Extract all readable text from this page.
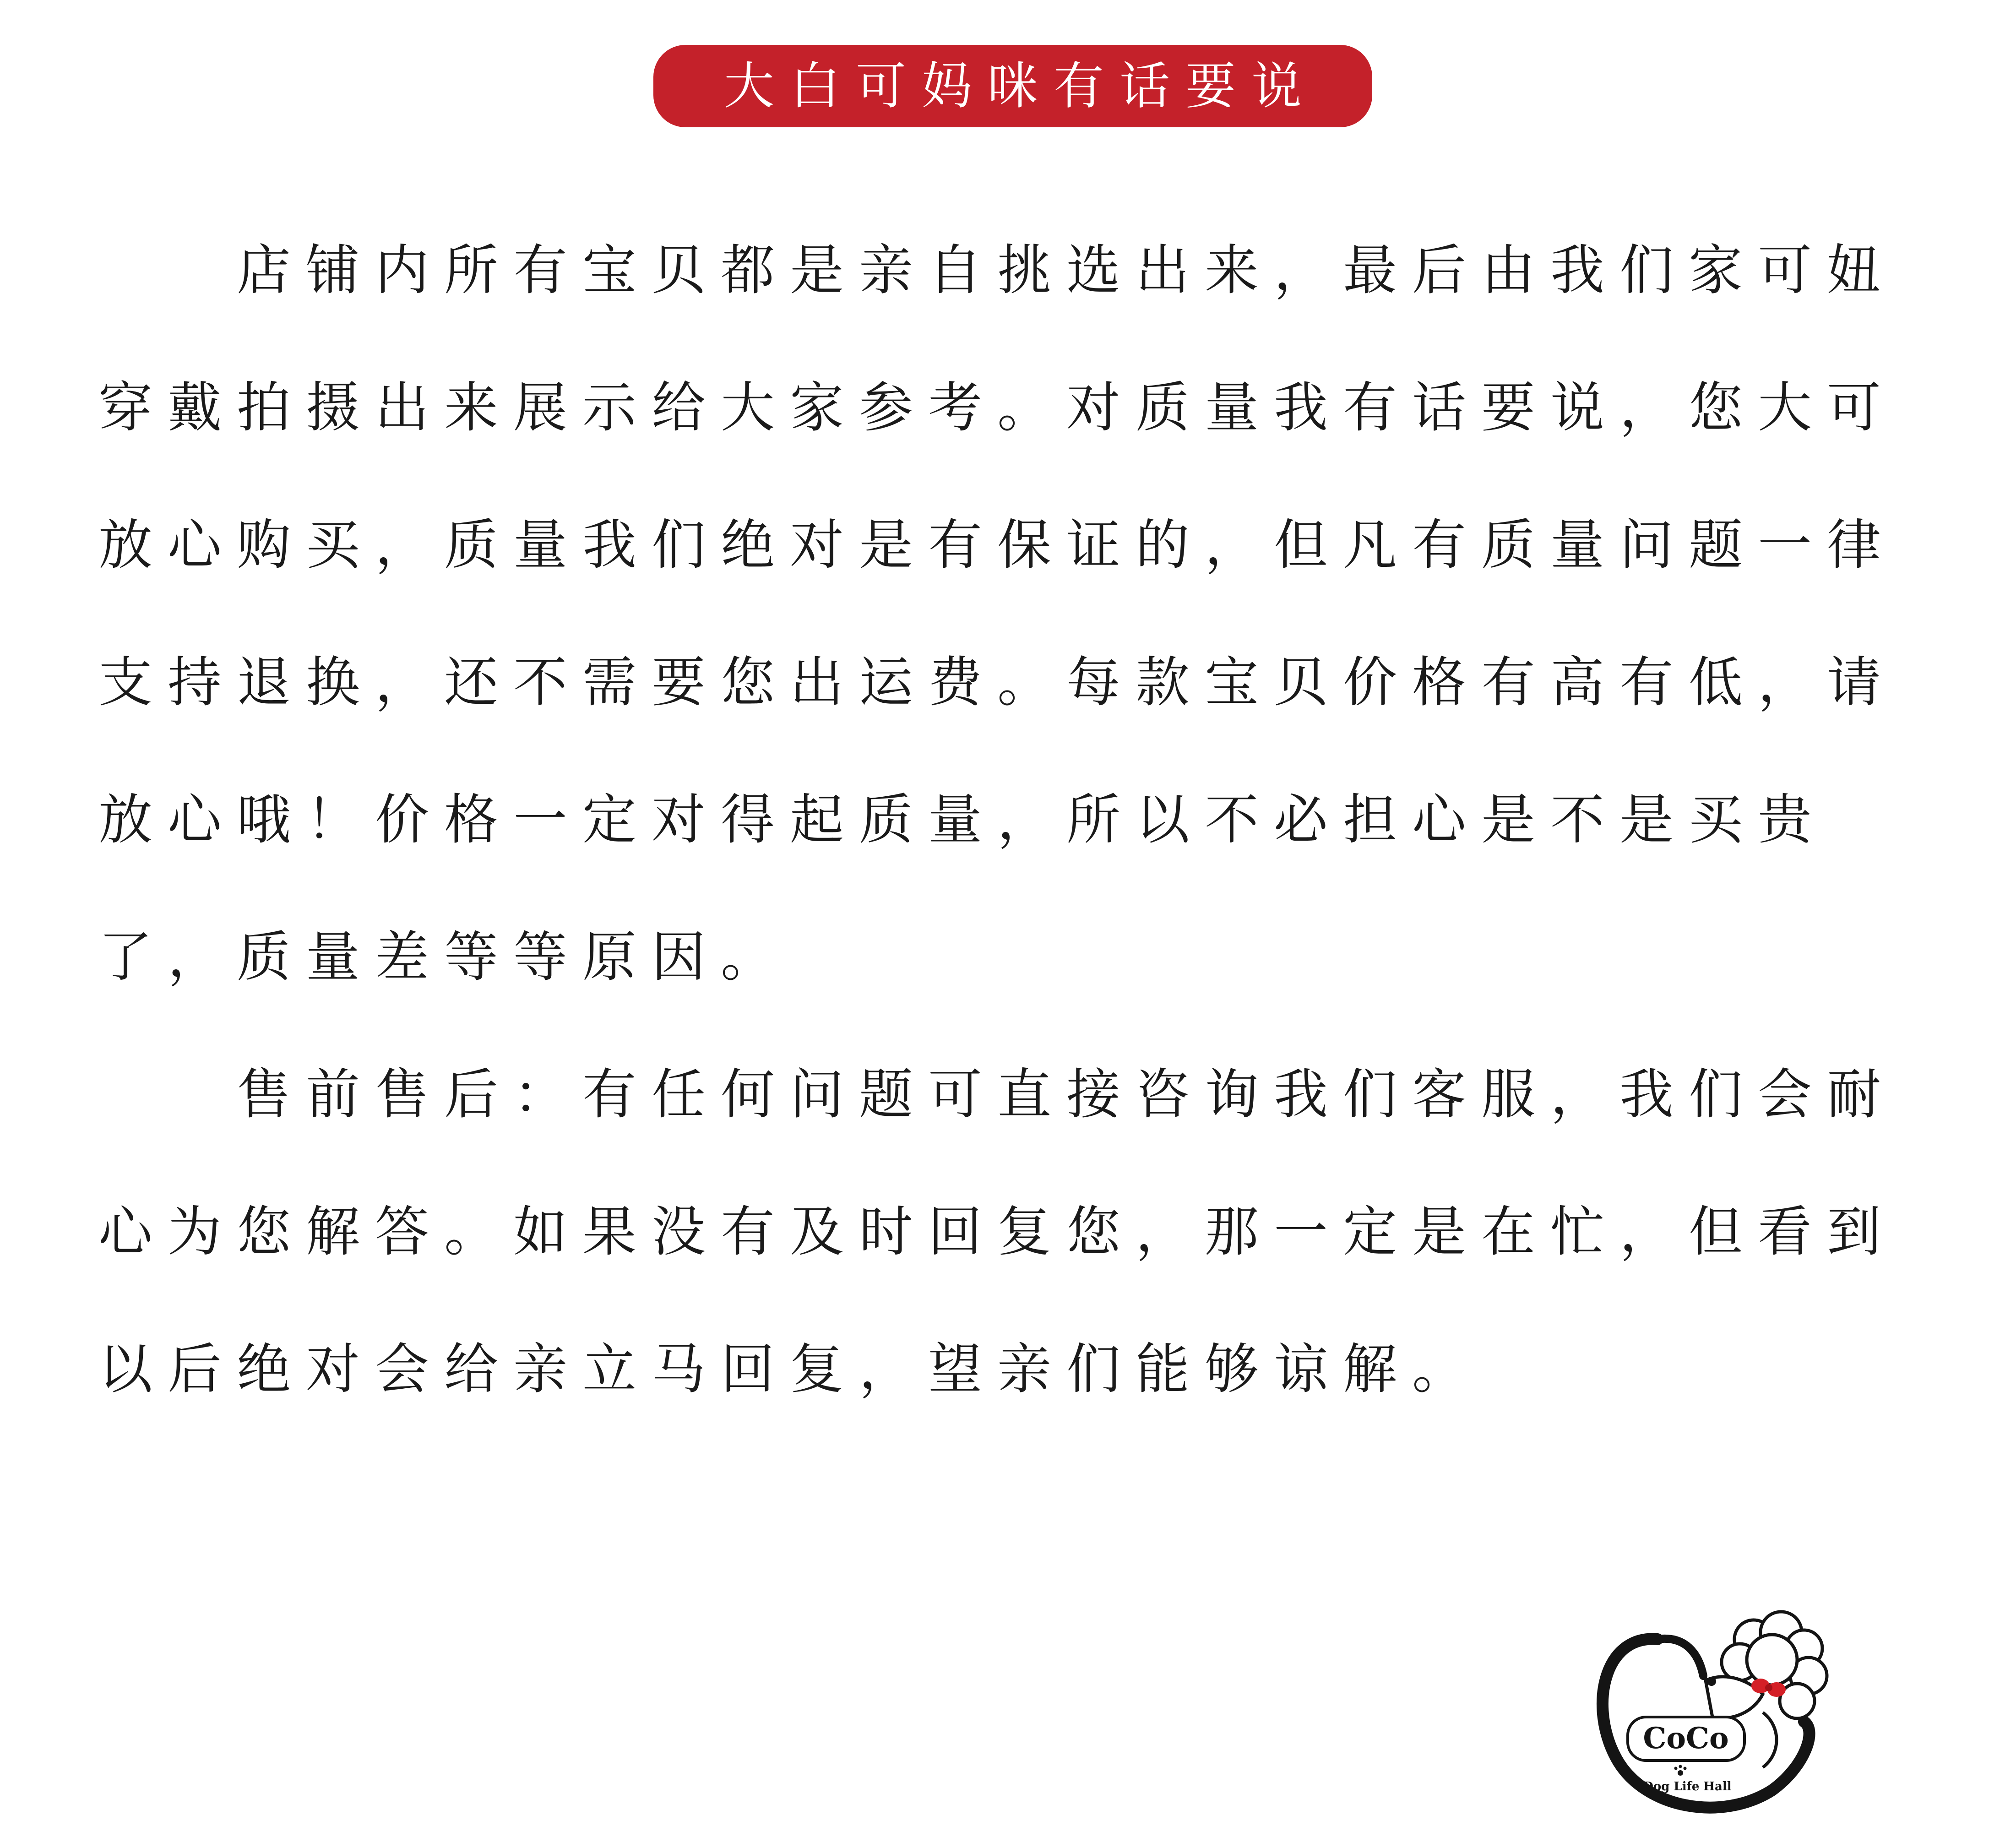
大白可妈咪有话要说

店铺内所有宝贝都是亲自挑选出来，最后由我们家可妞穿戴拍摄出来展示给大家参考。对质量我有话要说，您大可放心购买，质量我们绝对是有保证的，但凡有质量问题一律支持退换，还不需要您出运费。每款宝贝价格有高有低，请放心哦！价格一定对得起质量，所以不必担心是不是买贵了，质量差等等原因。

售前售后：有任何问题可直接咨询我们客服，我们会耐心为您解答。如果没有及时回复您，那一定是在忙，但看到以后绝对会给亲立马回复，望亲们能够谅解。

CoCo
Dog Life Hall
